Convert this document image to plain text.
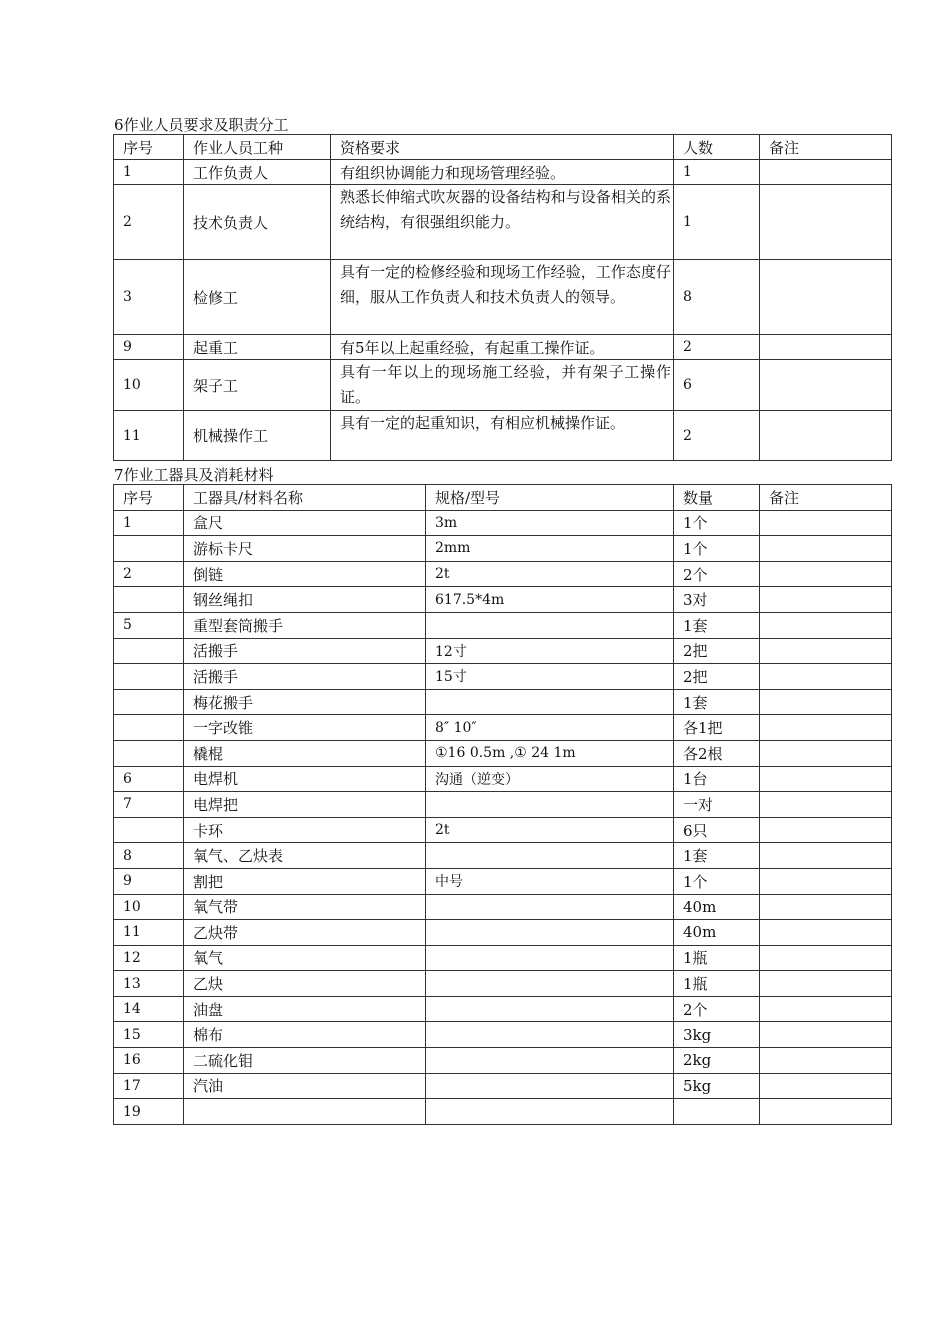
6作业人员要求及职责分工
序号	作业人员工种	资格要求	人数	备注
1	工作负责人	有组织协调能力和现场管理经验。	1	
2	技术负责人	熟悉长伸缩式吹灰器的设备结构和与设备相关的系统结构，有很强组织能力。	1	
3	检修工	具有一定的检修经验和现场工作经验，工作态度仔细，服从工作负责人和技术负责人的领导。	8	
9	起重工	有5年以上起重经验，有起重工操作证。	2	
10	架子工	具有一年以上的现场施工经验，并有架子工操作证。	6	
11	机械操作工	具有一定的起重知识，有相应机械操作证。	2	
7作业工器具及消耗材料
序号	工器具/材料名称	规格/型号	数量	备注
1	盒尺	3m	1个	
	游标卡尺	2mm	1个	
2	倒链	2t	2个	
	钢丝绳扣	617.5*4m	3对	
5	重型套筒搬手		1套	
	活搬手	12寸	2把	
	活搬手	15寸	2把	
	梅花搬手		1套	
	一字改锥	8″ 10″	各1把	
	橇棍	①16 0.5m ,① 24 1m	各2根	
6	电焊机	沟通（逆变）	1台	
7	电焊把		一对	
	卡环	2t	6只	
8	氧气、乙炔表		1套	
9	割把	中号	1个	
10	氧气带		40m	
11	乙炔带		40m	
12	氧气		1瓶	
13	乙炔		1瓶	
14	油盘		2个	
15	棉布		3kg	
16	二硫化钼		2kg	
17	汽油		5kg	
19				
